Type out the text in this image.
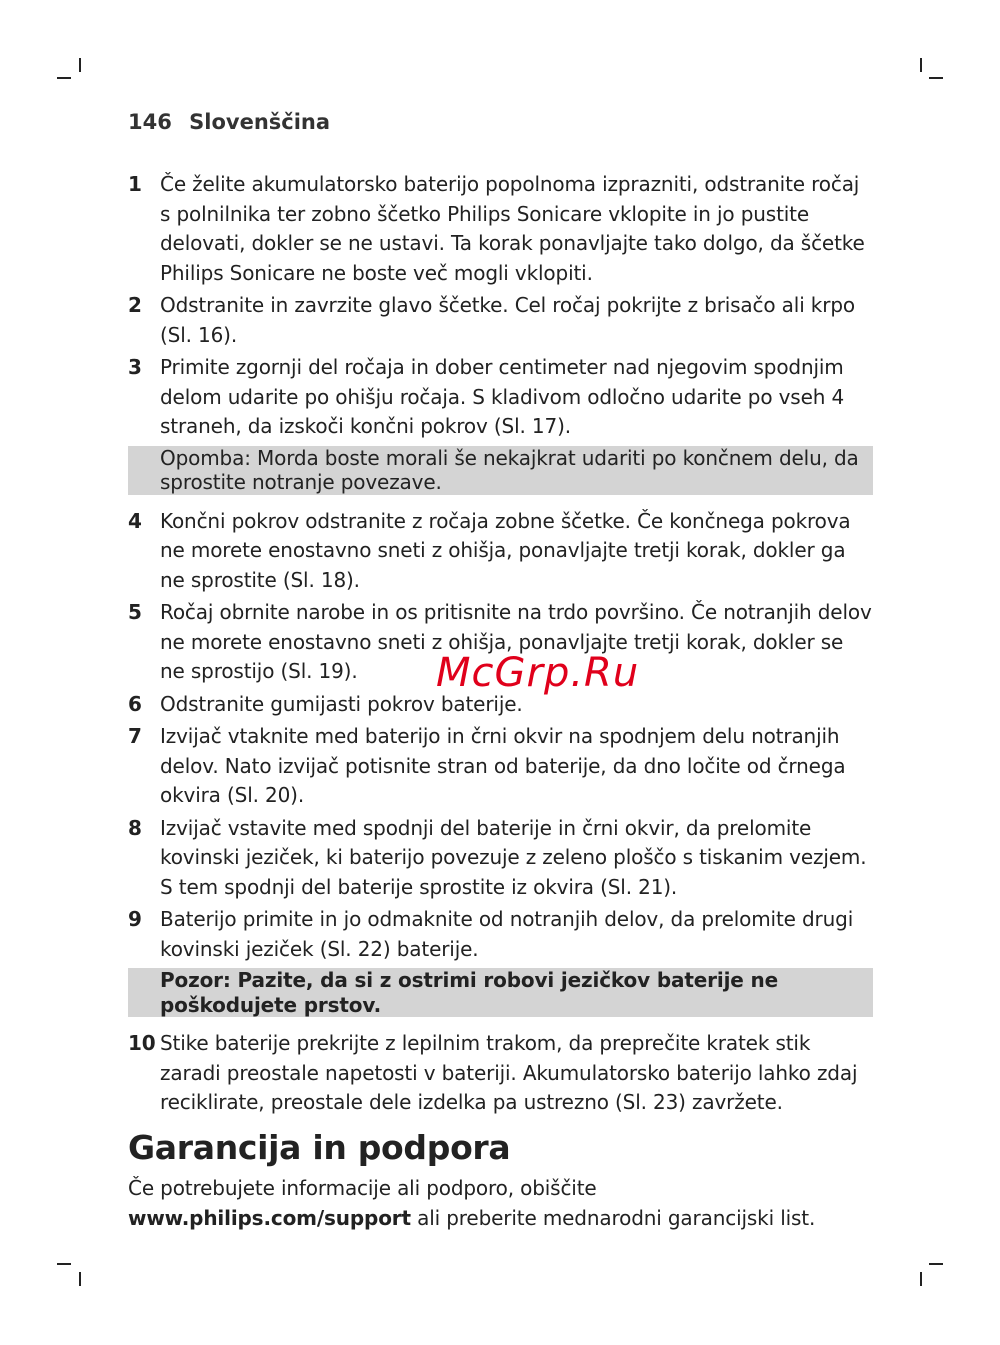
146 Slovenščina
1 Če želite akumulatorsko baterijo popolnoma izprazniti, odstranite ročaj s polnilnika ter zobno ščetko Philips Sonicare vklopite in jo pustite delovati, dokler se ne ustavi. Ta korak ponavljajte tako dolgo, da ščetke Philips Sonicare ne boste več mogli vklopiti.
2 Odstranite in zavrzite glavo ščetke. Cel ročaj pokrijte z brisačo ali krpo (Sl. 16).
3 Primite zgornji del ročaja in dober centimeter nad njegovim spodnjim delom udarite po ohišju ročaja. S kladivom odločno udarite po vseh 4 straneh, da izskoči končni pokrov (Sl. 17).
Opomba: Morda boste morali še nekajkrat udariti po končnem delu, da sprostite notranje povezave.
4 Končni pokrov odstranite z ročaja zobne ščetke. Če končnega pokrova ne morete enostavno sneti z ohišja, ponavljajte tretji korak, dokler ga ne sprostite (Sl. 18).
5 Ročaj obrnite narobe in os pritisnite na trdo površino. Če notranjih delov ne morete enostavno sneti z ohišja, ponavljajte tretji korak, dokler se ne sprostijo (Sl. 19).
6 Odstranite gumijasti pokrov baterije.
7 Izvijač vtaknite med baterijo in črni okvir na spodnjem delu notranjih delov. Nato izvijač potisnite stran od baterije, da dno ločite od črnega okvira (Sl. 20).
8 Izvijač vstavite med spodnji del baterije in črni okvir, da prelomite kovinski jeziček, ki baterijo povezuje z zeleno ploščo s tiskanim vezjem. S tem spodnji del baterije sprostite iz okvira (Sl. 21).
9 Baterijo primite in jo odmaknite od notranjih delov, da prelomite drugi kovinski jeziček (Sl. 22) baterije.
Pozor: Pazite, da si z ostrimi robovi jezičkov baterije ne poškodujete prstov.
10 Stike baterije prekrijte z lepilnim trakom, da preprečite kratek stik zaradi preostale napetosti v bateriji. Akumulatorsko baterijo lahko zdaj reciklirate, preostale dele izdelka pa ustrezno (Sl. 23) zavržete.
Garancija in podpora
Če potrebujete informacije ali podporo, obiščite
www.philips.com/support ali preberite mednarodni garancijski list.
McGrp.Ru
